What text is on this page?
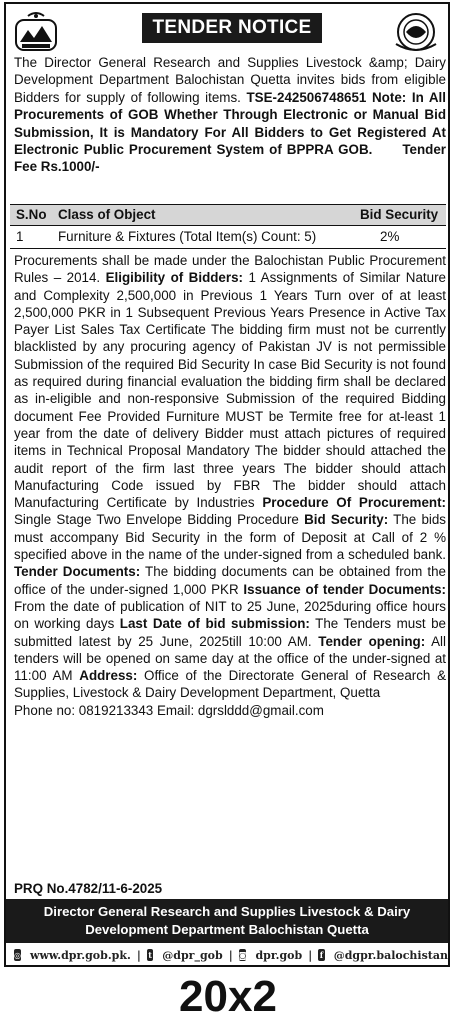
TENDER NOTICE
The Director General Research and Supplies Livestock &amp; Dairy Development Department Balochistan Quetta invites bids from eligible Bidders for supply of following items. TSE-242506748651 Note: In All Procurements of GOB Whether Through Electronic or Manual Bid Submission, It is Mandatory For All Bidders to Get Registered At Electronic Public Procurement System of BPPRA GOB. Tender Fee Rs.1000/-
S.No Class of Object	Bid Security
1	Furniture & Fixtures (Total Item(s) Count: 5)	2%
Procurements shall be made under the Balochistan Public Procurement Rules – 2014. Eligibility of Bidders: 1 Assignments of Similar Nature and Complexity 2,500,000 in Previous 1 Years Turn over of at least 2,500,000 PKR in 1 Subsequent Previous Years Presence in Active Tax Payer List Sales Tax Certificate The bidding firm must not be currently blacklisted by any procuring agency of Pakistan JV is not permissible Submission of the required Bid Security In case Bid Security is not found as required during financial evaluation the bidding firm shall be declared as in-eligible and non-responsive Submission of the required Bidding document Fee Provided Furniture MUST be Termite free for at-least 1 year from the date of delivery Bidder must attach pictures of required items in Technical Proposal Mandatory The bidder should attached the audit report of the firm last three years The bidder should attach Manufacturing Code issued by FBR The bidder should attach Manufacturing Certificate by Industries Procedure Of Procurement: Single Stage Two Envelope Bidding Procedure Bid Security: The bids must accompany Bid Security in the form of Deposit at Call of 2 % specified above in the name of the under-signed from a scheduled bank. Tender Documents: The bidding documents can be obtained from the office of the under-signed 1,000 PKR Issuance of tender Documents: From the date of publication of NIT to 25 June, 2025during office hours on working days Last Date of bid submission: The Tenders must be submitted latest by 25 June, 2025till 10:00 AM. Tender opening: All tenders will be opened on same day at the office of the under-signed at 11:00 AM Address: Office of the Directorate General of Research & Supplies, Livestock & Dairy Development Department, Quetta
Phone no: 0819213343 Email: dgrslddd@gmail.com
PRQ No.4782/11-6-2025
Director General Research and Supplies Livestock & Dairy
Development Department Balochistan Quetta
◎ www.dpr.gob.pk. | t @dpr_gob | ◙ dpr.gob | f @dgpr.balochistan
20x2
